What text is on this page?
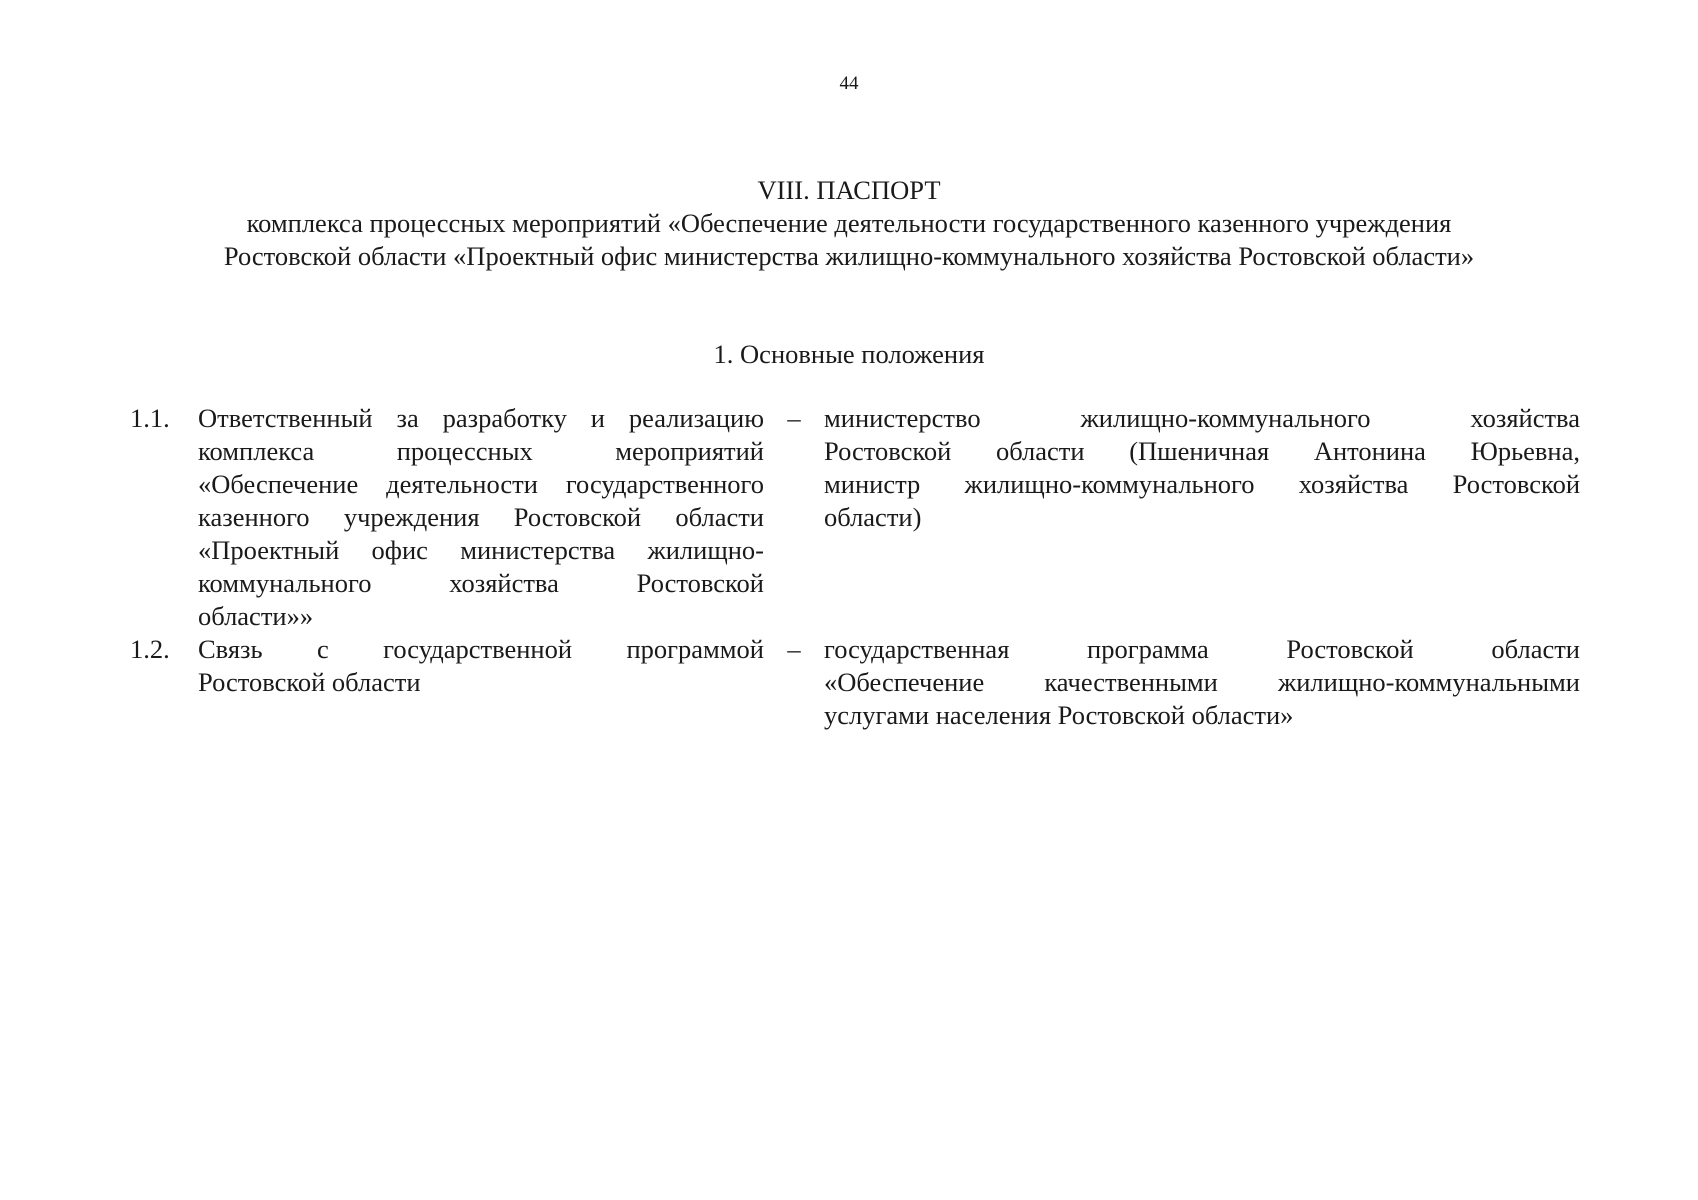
44
VIII. ПАСПОРТ
комплекса процессных мероприятий «Обеспечение деятельности государственного казенного учреждения
Ростовской области «Проектный офис министерства жилищно-коммунального хозяйства Ростовской области»
1. Основные положения
1.1.	Ответственный за разработку и реализацию
комплекса процессных мероприятий
«Обеспечение деятельности государственного
казенного учреждения Ростовской области
«Проектный офис министерства жилищно-
коммунального хозяйства Ростовской
области»»
– министерство жилищно-коммунального хозяйства
Ростовской области (Пшеничная Антонина Юрьевна,
министр жилищно-коммунального хозяйства Ростовской
области)
1.2.	Связь с государственной программой
Ростовской области
– государственная программа Ростовской области
«Обеспечение качественными жилищно-коммунальными
услугами населения Ростовской области»
